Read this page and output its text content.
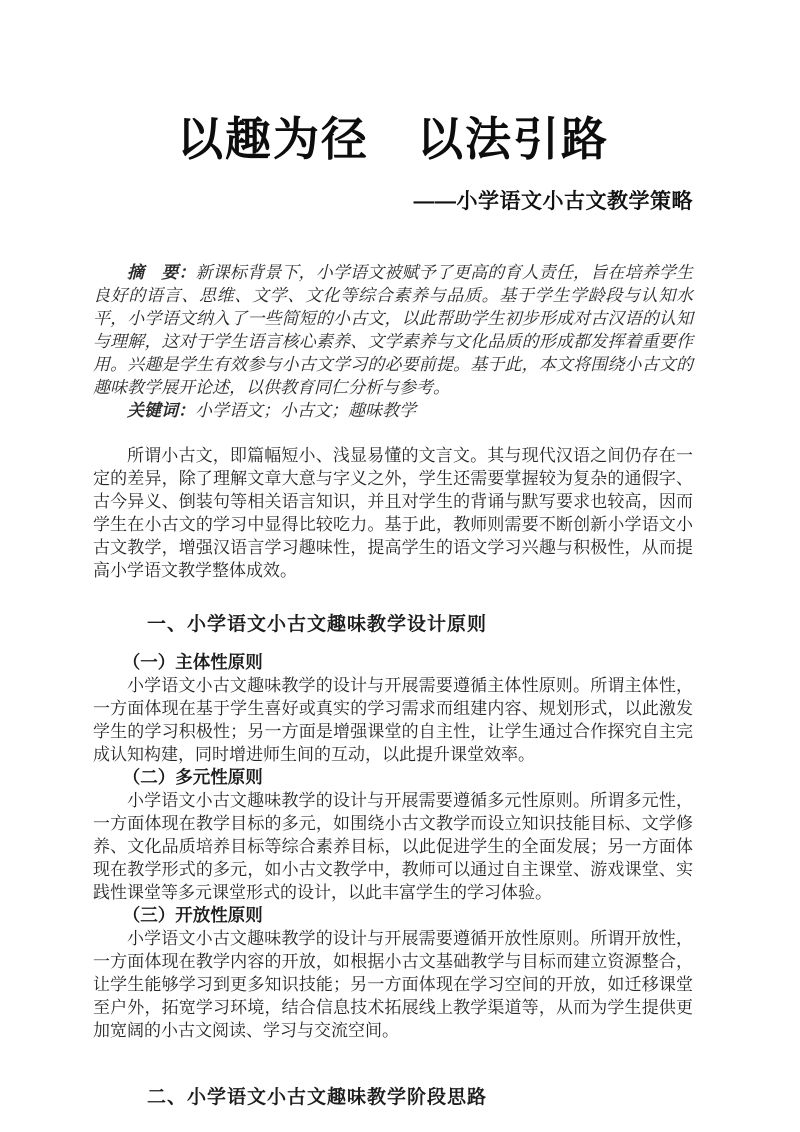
以趣为径　以法引路
——小学语文小古文教学策略

摘　要：新课标背景下，小学语文被赋予了更高的育人责任，旨在培养学生良好的语言、思维、文学、文化等综合素养与品质。基于学生学龄段与认知水平，小学语文纳入了一些简短的小古文，以此帮助学生初步形成对古汉语的认知与理解，这对于学生语言核心素养、文学素养与文化品质的形成都发挥着重要作用。兴趣是学生有效参与小古文学习的必要前提。基于此，本文将围绕小古文的趣味教学展开论述，以供教育同仁分析与参考。

关键词：小学语文；小古文；趣味教学

所谓小古文，即篇幅短小、浅显易懂的文言文。其与现代汉语之间仍存在一定的差异，除了理解文章大意与字义之外，学生还需要掌握较为复杂的通假字、古今异义、倒装句等相关语言知识，并且对学生的背诵与默写要求也较高，因而学生在小古文的学习中显得比较吃力。基于此，教师则需要不断创新小学语文小古文教学，增强汉语言学习趣味性，提高学生的语文学习兴趣与积极性，从而提高小学语文教学整体成效。

一、小学语文小古文趣味教学设计原则
（一）主体性原则

小学语文小古文趣味教学的设计与开展需要遵循主体性原则。所谓主体性，一方面体现在基于学生喜好或真实的学习需求而组建内容、规划形式，以此激发学生的学习积极性；另一方面是增强课堂的自主性，让学生通过合作探究自主完成认知构建，同时增进师生间的互动，以此提升课堂效率。

（二）多元性原则

小学语文小古文趣味教学的设计与开展需要遵循多元性原则。所谓多元性，一方面体现在教学目标的多元，如围绕小古文教学而设立知识技能目标、文学修养、文化品质培养目标等综合素养目标，以此促进学生的全面发展；另一方面体现在教学形式的多元，如小古文教学中，教师可以通过自主课堂、游戏课堂、实践性课堂等多元课堂形式的设计，以此丰富学生的学习体验。

（三）开放性原则

小学语文小古文趣味教学的设计与开展需要遵循开放性原则。所谓开放性，一方面体现在教学内容的开放，如根据小古文基础教学与目标而建立资源整合，让学生能够学习到更多知识技能；另一方面体现在学习空间的开放，如迁移课堂至户外，拓宽学习环境，结合信息技术拓展线上教学渠道等，从而为学生提供更加宽阔的小古文阅读、学习与交流空间。

二、小学语文小古文趣味教学阶段思路
